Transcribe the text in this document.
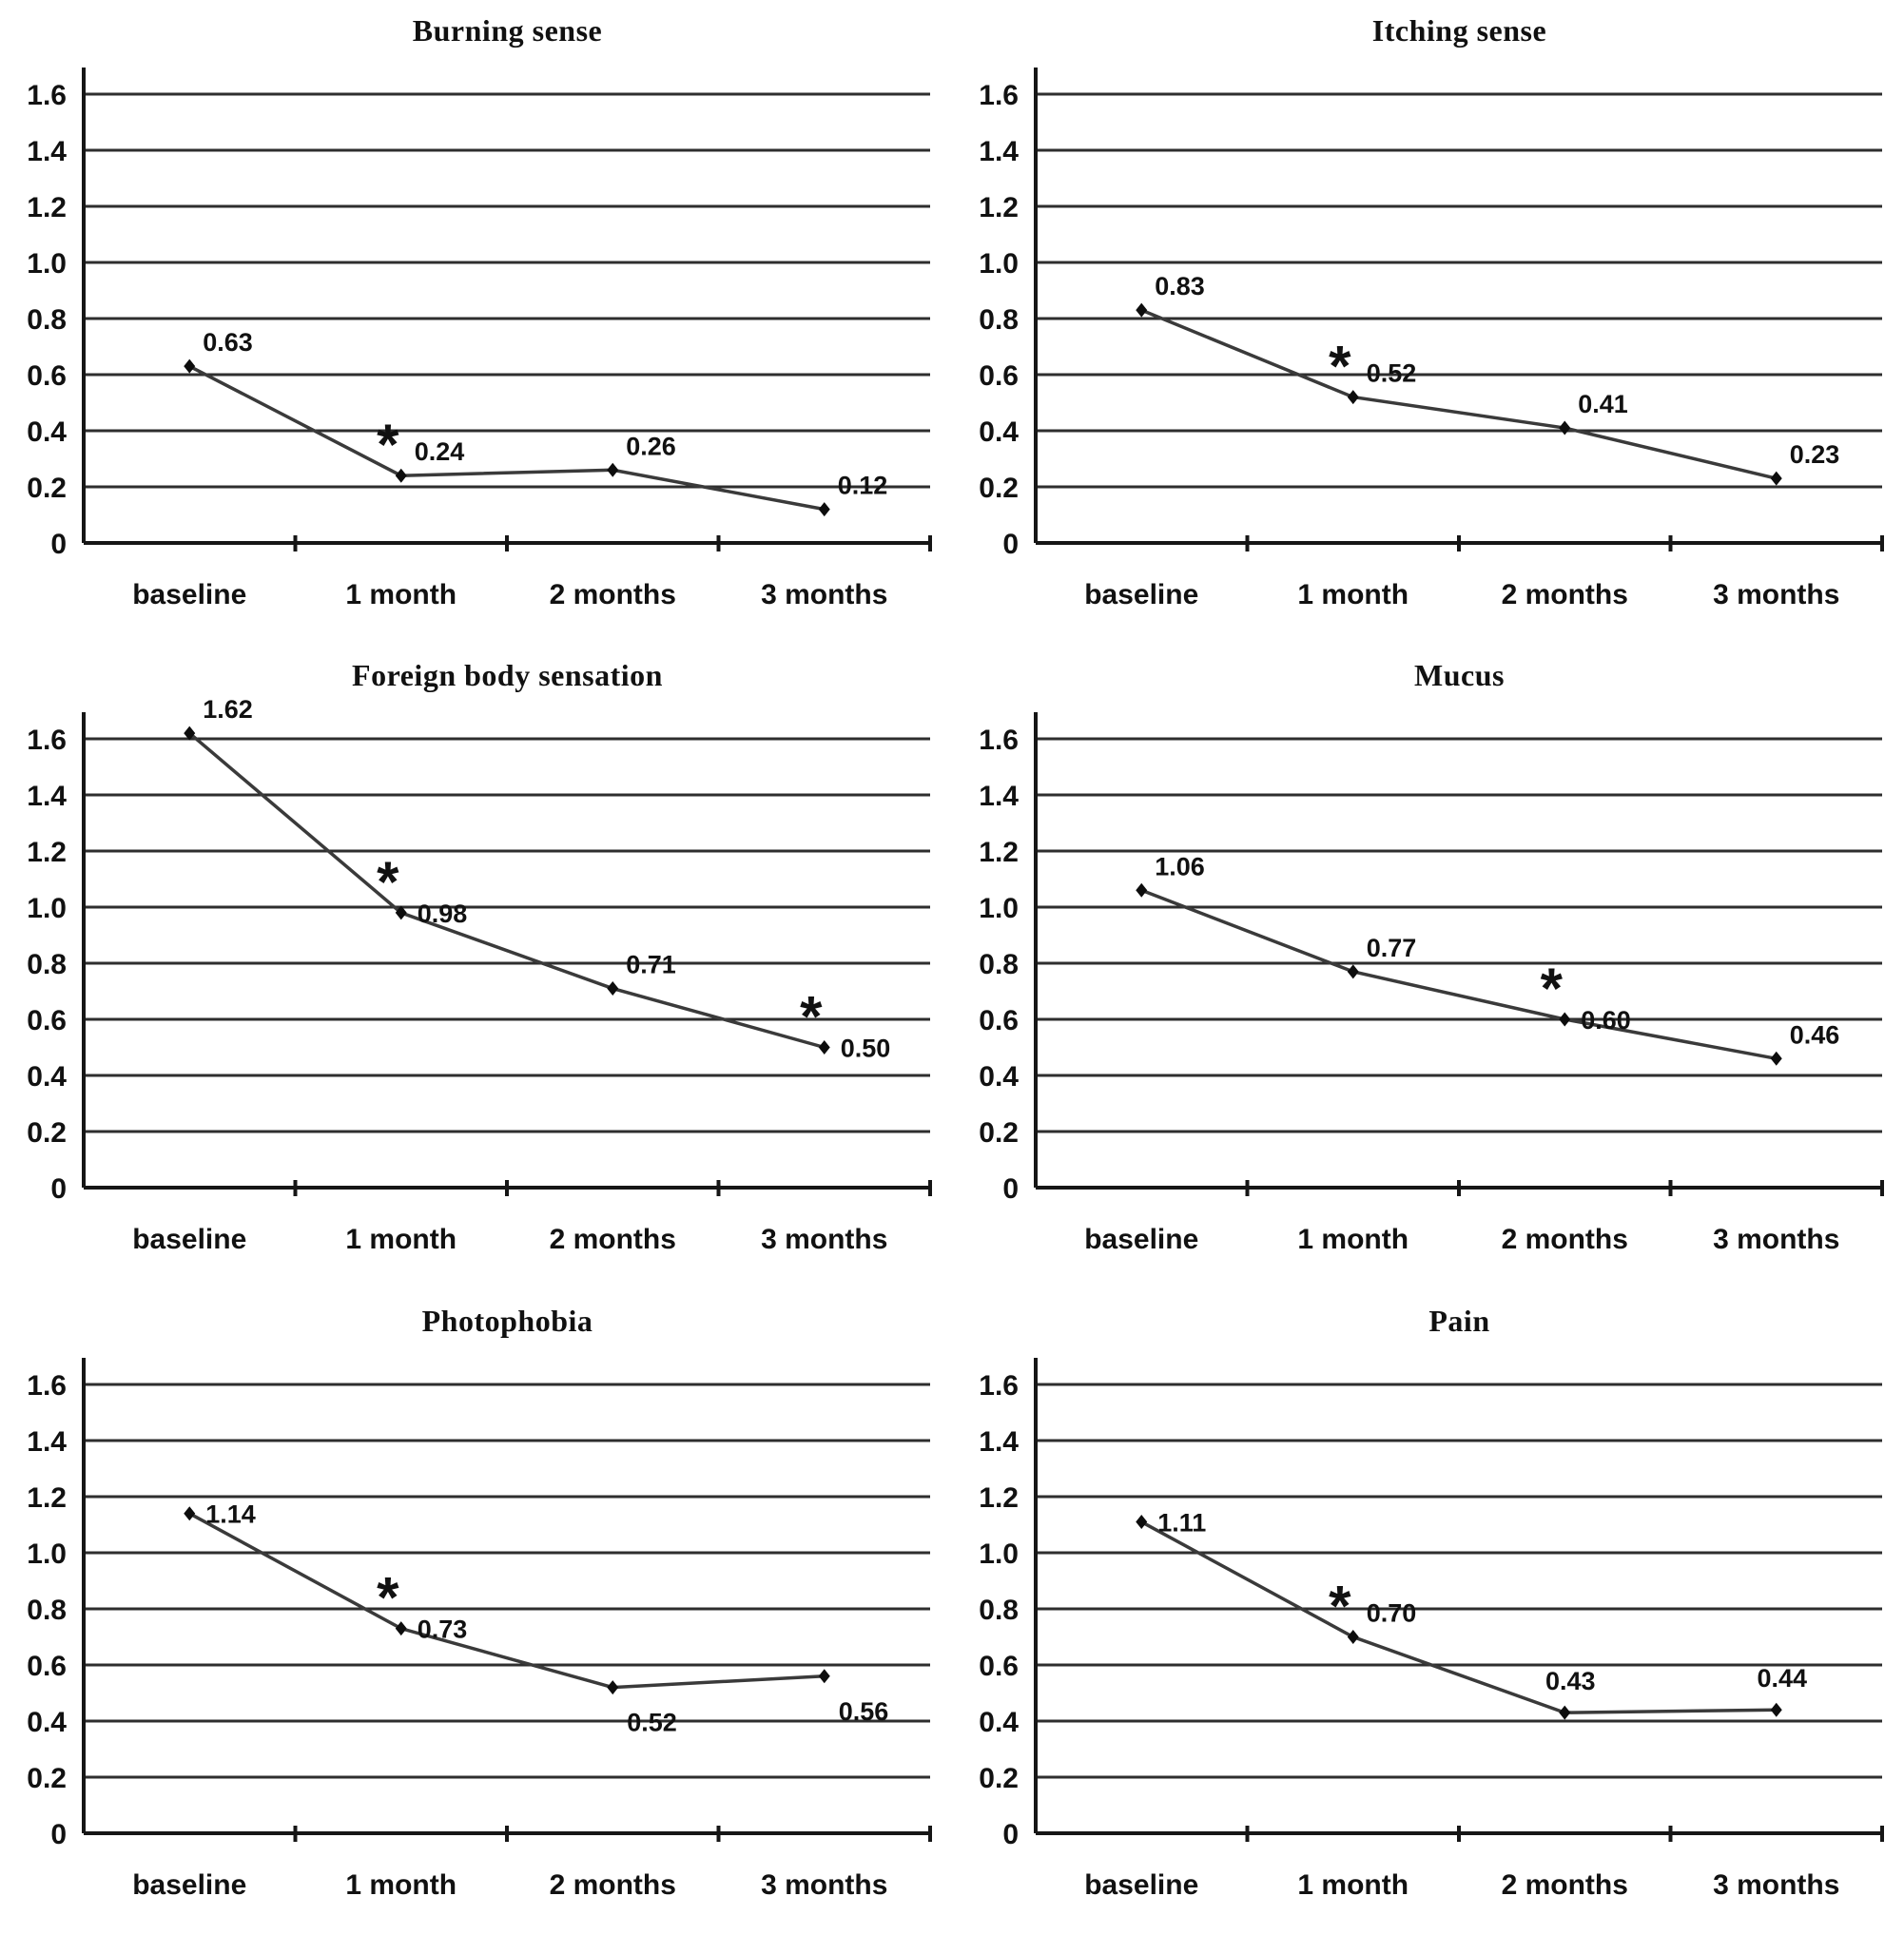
Burning sense
1.6
1.4
1.2
1.0
0.8
0.6
0.4
0.2
0
0.63
0.24	0.26
0.12
*
baseline	1 month	2 months	3 months
Itching sense
1.6
1.4
1.2
1.0
0.8
0.6
0.4
0.2
0
0.83
0.52
0.41
0.23
*
baseline	1 month	2 months	3 months
Foreign body sensation
1.6
1.4
1.2
1.0
0.8
0.6
0.4
0.2
0
1.62
0.98
0.71
0.50
*
*
baseline	1 month	2 months	3 months
Mucus
1.6
1.4
1.2
1.0
0.8
0.6
0.4
0.2
0
1.06
0.77
0.60
0.46
*
baseline	1 month	2 months	3 months
Photophobia
1.6
1.4
1.2
1.0
0.8
0.6
0.4
0.2
0
1.14
0.73
0.52	0.56
*
baseline	1 month	2 months	3 months
Pain
1.6
1.4
1.2
1.0
0.8
0.6
0.4
0.2
0
1.11
0.70
0.43	0.44
*
baseline	1 month	2 months	3 months
